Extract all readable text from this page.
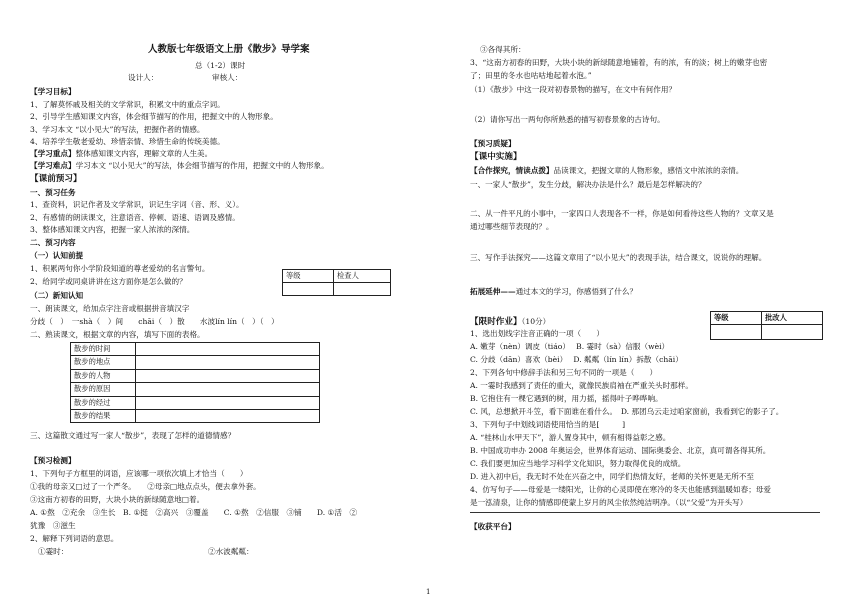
人教版七年级语文上册《散步》导学案
总（1-2）课时
设计人：	审核人：
【学习目标】
1、了解莫怀戚及相关的文学常识，积累文中的重点字词。
2、引导学生感知课文内容，体会细节描写的作用，把握文中的人物形象。
3、学习本文 “以小见大”的写法，把握作者的情感。
4、培养学生敬老爱幼、珍惜亲情、珍惜生命的传统美德。
【学习重点】整体感知课文内容，理解文章的人生美。
【学习难点】学习本文 “以小见大”的写法，体会细节描写的作用，把握文中的人物形象。
【课前预习】
一、预习任务
1、查资料，识记作者及文学常识，识记生字词（音、形、义）。
2、有感情的朗读课文，注意语音、停顿、语速、语调及感情。
3、整体感知课文内容，把握一家人浓浓的深情。
二、预习内容
（一）认知前提
1、积累两句你小学阶段知道的尊老爱幼的名言警句。
2、给同学或同桌讲讲在这方面你是怎么做的？
等级	检查人

（二）新知认知
一、朗读课文，给加点字注音或根据拼音填汉字
分歧（　）　一shà（　）间　　chāi（　）散　　水波lín lín（　）（　）
二、熟读课文，根据文章的内容，填写下面的表格。
散步的时间	
散步的地点	
散步的人物	
散步的原因	
散步的经过	
散步的结果	
三、这篇散文通过写一家人“散步”，表现了怎样的道德情感？
【预习检测】
1、下列句子方框里的词语，应该哪一项依次填上才恰当（　　）
①我的母亲又□过了一个严冬。　　②母亲□地点点头，便去拿外套。
③这南方初春的田野，大块小块的新绿随意地□着。
A. ①熬　②充余　③生长　B. ①挺　②高兴　③覆盖　　C. ①熬　②信服　③铺　　D. ①活　②
犹豫　③滋生
2、解释下列词语的意思。
①霎时：	②水波粼粼：
③各得其所：
3、“这南方初春的田野，大块小块的新绿随意地铺着，有的浓，有的淡；树上的嫩芽也密
了；田里的冬水也咕咕地起着水泡。”
（1）《散步》中这一段对初春景物的描写，在文中有何作用？
（2）请你写出一两句你所熟悉的描写初春景象的古诗句。
【预习质疑】
【课中实施】
【合作探究，情读点拨】品读课文，把握文章的人物形象，感悟文中浓浓的亲情。
一、一家人“散步”，发生分歧，解决办法是什么？最后是怎样解决的？
二、从一件平凡的小事中，一家四口人表现各不一样，你是如何看待这些人物的？文章又是
通过哪些细节表现的？。
三、写作手法探究——这篇文章用了“以小见大”的表现手法，结合课文，说说你的理解。
拓展延伸——通过本文的学习，你感悟到了什么？
【限时作业】（10分）	等级	批改人

1、选出划线字注音正确的一项（　　）
A. 嫩芽（nèn）调皮（tiáo）　 B. 霎时（sà）信服（wèi）
C. 分歧（dān）喜欢（bèi）　 D. 粼粼（lín lín）拆散（chāi）
2、下列各句中修辞手法和另三句不同的一项是（　　）
A. 一霎时我感到了责任的重大，就像民族肩袖在严重关头时那样。
B. 它抱住有一棵它遇到的树，用力摇，摇得叶子哗哗响。
C. 风，总想掀开斗笠，看下面谁在看什么。　D. 那团乌云走过咱家窗前，我看到它的影子了。
3、下列句子中划线词语使用恰当的是[　　　]
A. “桂林山水甲天下”，游人置身其中，顿有相得益彰之感。
B. 中国成功申办 2008 年奥运会，世界体育运动、国际奥委会、北京，真可谓各得其所。
C. 我们要更加应当地学习科学文化知识，努力取得优良的成绩。
D. 进入初中后，我无时不处在兴奋之中，同学们热情友好，老师的关怀更是无所不至
4、仿写句子——母爱是一缕阳光，让你的心灵即使在寒冷的冬天也能感到温暖如春；母爱
是一泓清泉，让你的情感即使蒙上岁月的风尘依然纯洁明净。（以“父爱”为开头写）
【收获平台】
1
